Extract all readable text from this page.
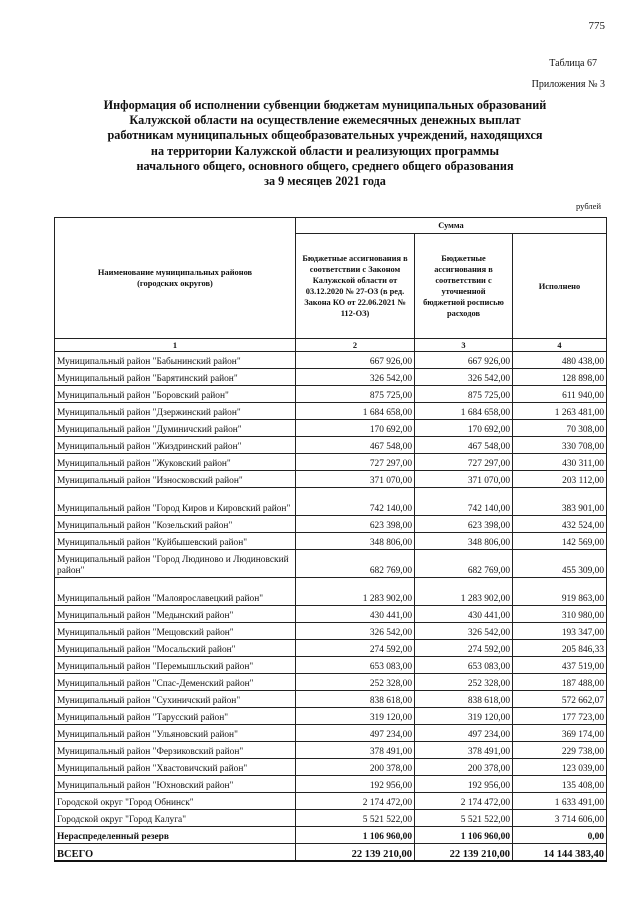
775
Таблица 67
Приложения № 3
Информация об исполнении субвенции бюджетам муниципальных образований
Калужской области на осуществление ежемесячных денежных выплат
работникам муниципальных общеобразовательных учреждений, находящихся
на территории Калужской области и реализующих программы
начального общего, основного общего, среднего общего образования
за 9 месяцев 2021 года
рублей
Наименование муниципальных районов (городских округов)	Сумма		
	Бюджетные ассигнования в соответствии с Законом Калужской области от 03.12.2020 № 27-ОЗ (в ред. Закона КО от 22.06.2021 № 112-ОЗ)	Бюджетные ассигнования в соответствии с уточненной бюджетной росписью расходов	Исполнено
1	2	3	4
Муниципальный район "Бабынинский район"	667 926,00	667 926,00	480 438,00
Муниципальный район "Барятинский район"	326 542,00	326 542,00	128 898,00
Муниципальный район "Боровский район"	875 725,00	875 725,00	611 940,00
Муниципальный район "Дзержинский район"	1 684 658,00	1 684 658,00	1 263 481,00
Муниципальный район "Думиничский район"	170 692,00	170 692,00	70 308,00
Муниципальный район "Жиздринский район"	467 548,00	467 548,00	330 708,00
Муниципальный район "Жуковский район"	727 297,00	727 297,00	430 311,00
Муниципальный район "Износковский район"	371 070,00	371 070,00	203 112,00
Муниципальный район "Город Киров и Кировский район"	742 140,00	742 140,00	383 901,00
Муниципальный район "Козельский район"	623 398,00	623 398,00	432 524,00
Муниципальный район "Куйбышевский район"	348 806,00	348 806,00	142 569,00
Муниципальный район "Город Людиново и Людиновский район"	682 769,00	682 769,00	455 309,00
Муниципальный район "Малоярославецкий район"	1 283 902,00	1 283 902,00	919 863,00
Муниципальный район "Медынский район"	430 441,00	430 441,00	310 980,00
Муниципальный район "Мещовский район"	326 542,00	326 542,00	193 347,00
Муниципальный район "Мосальский район"	274 592,00	274 592,00	205 846,33
Муниципальный район "Перемышльский район"	653 083,00	653 083,00	437 519,00
Муниципальный район "Спас-Деменский район"	252 328,00	252 328,00	187 488,00
Муниципальный район "Сухиничский район"	838 618,00	838 618,00	572 662,07
Муниципальный район "Тарусский район"	319 120,00	319 120,00	177 723,00
Муниципальный район "Ульяновский район"	497 234,00	497 234,00	369 174,00
Муниципальный район "Ферзиковский район"	378 491,00	378 491,00	229 738,00
Муниципальный район "Хвастовичский район"	200 378,00	200 378,00	123 039,00
Муниципальный район "Юхновский район"	192 956,00	192 956,00	135 408,00
Городской округ "Город Обнинск"	2 174 472,00	2 174 472,00	1 633 491,00
Городской округ "Город Калуга"	5 521 522,00	5 521 522,00	3 714 606,00
Нераспределенный резерв	1 106 960,00	1 106 960,00	0,00
ВСЕГО	22 139 210,00	22 139 210,00	14 144 383,40
